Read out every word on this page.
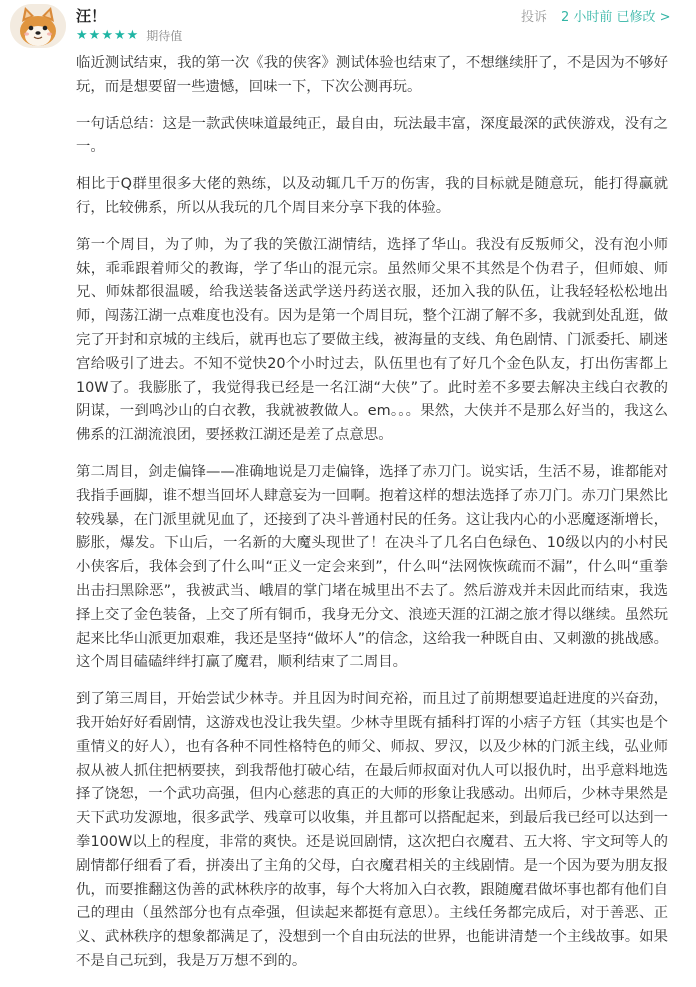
汪！
★ ★ ★ ★ ★ 期待值
投诉 2 小时前 已修改 >

临近测试结束，我的第一次《我的侠客》测试体验也结束了，不想继续肝了，不是因为不够好玩，而是想要留一些遗憾，回味一下，下次公测再玩。

一句话总结：这是一款武侠味道最纯正，最自由，玩法最丰富，深度最深的武侠游戏，没有之一。

相比于Q群里很多大佬的熟练，以及动辄几千万的伤害，我的目标就是随意玩，能打得赢就行，比较佛系，所以从我玩的几个周目来分享下我的体验。

第一个周目，为了帅，为了我的笑傲江湖情结，选择了华山。我没有反叛师父，没有泡小师妹，乖乖跟着师父的教诲，学了华山的混元宗。虽然师父果不其然是个伪君子，但师娘、师兄、师妹都很温暖，给我送装备送武学送丹药送衣服，还加入我的队伍，让我轻轻松松地出师，闯荡江湖一点难度也没有。因为是第一个周目玩，整个江湖了解不多，我就到处乱逛，做完了开封和京城的主线后，就再也忘了要做主线，被海量的支线、角色剧情、门派委托、刷迷宫给吸引了进去。不知不觉快20个小时过去，队伍里也有了好几个金色队友，打出伤害都上10W了。我膨胀了，我觉得我已经是一名江湖“大侠”了。此时差不多要去解决主线白衣教的阴谋，一到鸣沙山的白衣教，我就被教做人。em。。。果然，大侠并不是那么好当的，我这么佛系的江湖流浪团，要拯救江湖还是差了点意思。

第二周目，剑走偏锋——准确地说是刀走偏锋，选择了赤刀门。说实话，生活不易，谁都能对我指手画脚，谁不想当回坏人肆意妄为一回啊。抱着这样的想法选择了赤刀门。赤刀门果然比较残暴，在门派里就见血了，还接到了决斗普通村民的任务。这让我内心的小恶魔逐渐增长，膨胀，爆发。下山后，一名新的大魔头现世了！在决斗了几名白色绿色、10级以内的小村民小侠客后，我体会到了什么叫“正义一定会来到”，什么叫“法网恢恢疏而不漏”，什么叫“重拳出击扫黑除恶”，我被武当、峨眉的掌门堵在城里出不去了。然后游戏并未因此而结束，我选择上交了金色装备，上交了所有铜币，我身无分文、浪迹天涯的江湖之旅才得以继续。虽然玩起来比华山派更加艰难，我还是坚持“做坏人”的信念，这给我一种既自由、又刺激的挑战感。这个周目磕磕绊绊打赢了魔君，顺利结束了二周目。

到了第三周目，开始尝试少林寺。并且因为时间充裕，而且过了前期想要追赶进度的兴奋劲，我开始好好看剧情，这游戏也没让我失望。少林寺里既有插科打诨的小痞子方钰（其实也是个重情义的好人），也有各种不同性格特色的师父、师叔、罗汉，以及少林的门派主线，弘业师叔从被人抓住把柄要挟，到我帮他打破心结，在最后师叔面对仇人可以报仇时，出乎意料地选择了饶恕，一个武功高强，但内心慈悲的真正的大师的形象让我感动。出师后，少林寺果然是天下武功发源地，很多武学、残章可以收集，并且都可以搭配起来，到最后我已经可以达到一拳100W以上的程度，非常的爽快。还是说回剧情，这次把白衣魔君、五大将、宇文珂等人的剧情都仔细看了看，拼凑出了主角的父母，白衣魔君相关的主线剧情。是一个因为要为朋友报仇，而要推翻这伪善的武林秩序的故事，每个大将加入白衣教，跟随魔君做坏事也都有他们自己的理由（虽然部分也有点牵强，但读起来都挺有意思）。主线任务都完成后，对于善恶、正义、武林秩序的想象都满足了，没想到一个自由玩法的世界，也能讲清楚一个主线故事。如果不是自己玩到，我是万万想不到的。
